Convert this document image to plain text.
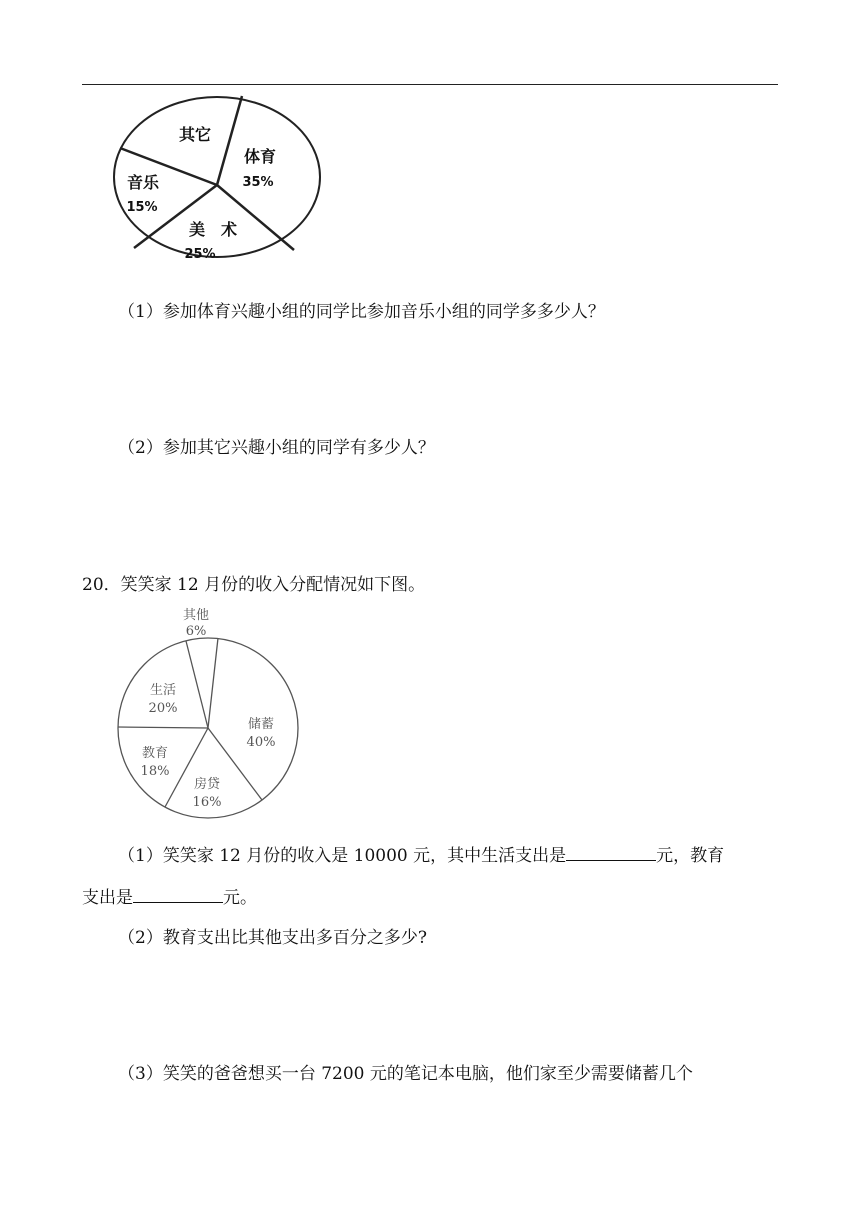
其它
体育
35%
音乐
15%
美　术
25%
（1）参加体育兴趣小组的同学比参加音乐小组的同学多多少人？
（2）参加其它兴趣小组的同学有多少人？
20．笑笑家 12 月份的收入分配情况如下图。
其他
6%
生活
20%
储蓄
40%
教育
18%
房贷
16%
（1）笑笑家 12 月份的收入是 10000 元，其中生活支出是	元，教育
支出是	元。
（2）教育支出比其他支出多百分之多少?
（3）笑笑的爸爸想买一台 7200 元的笔记本电脑，他们家至少需要储蓄几个
